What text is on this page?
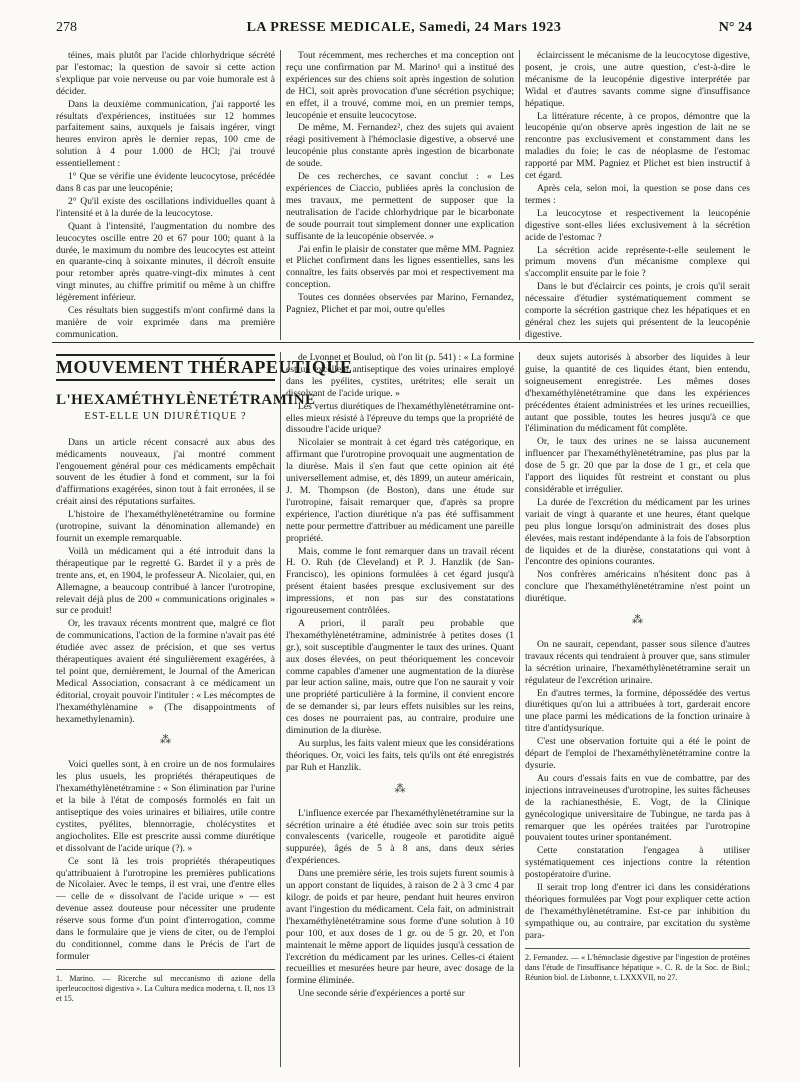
278	LA PRESSE MEDICALE, Samedi, 24 Mars 1923	N° 24

téines, mais plutôt par l'acide chlorhydrique sécrété par l'estomac; la question de savoir si cette action s'explique par voie nerveuse ou par voie humorale est à décider.

Dans la deuxième communication, j'ai rapporté les résultats d'expériences, instituées sur 12 hommes parfaitement sains, auxquels je faisais ingérer, vingt heures environ après le dernier repas, 100 cme de solution à 4 pour 1.000 de HCl; j'ai trouvé essentiellement :

1° Que se vérifie une évidente leucocytose, précédée dans 8 cas par une leucopénie;

2° Qu'il existe des oscillations individuelles quant à l'intensité et à la durée de la leucocytose.

Quant à l'intensité, l'augmentation du nombre des leucocytes oscille entre 20 et 67 pour 100; quant à la durée, le maximum du nombre des leucocytes est atteint en quarante-cinq à soixante minutes, il décroît ensuite pour retomber après quatre-vingt-dix minutes à cent vingt minutes, au chiffre primitif ou même à un chiffre légèrement inférieur.

Ces résultats bien suggestifs m'ont confirmé dans la manière de voir exprimée dans ma première communication.

Tout récemment, mes recherches et ma conception ont reçu une confirmation par M. Marino¹ qui a institué des expériences sur des chiens soit après ingestion de solution de HCl, soit après provocation d'une sécrétion psychique; en effet, il a trouvé, comme moi, en un premier temps, leucopénie et ensuite leucocytose.

De même, M. Fernandez², chez des sujets qui avaient réagi positivement à l'hémoclasie digestive, a observé une leucopénie plus constante après ingestion de bicarbonate de soude.

De ces recherches, ce savant conclut : « Les expériences de Ciaccio, publiées après la conclusion de mes travaux, me permettent de supposer que la neutralisation de l'acide chlorhydrique par le bicarbonate de soude pourrait tout simplement donner une explication suffisante de la leucopénie observée. »

J'ai enfin le plaisir de constater que même MM. Pagniez et Plichet confirment dans les lignes essentielles, sans les connaître, les faits observés par moi et respectivement ma conception.

Toutes ces données observées par Marino, Fernandez, Pagniez, Plichet et par moi, outre qu'elles

éclaircissent le mécanisme de la leucocytose digestive, posent, je crois, une autre question, c'est-à-dire le mécanisme de la leucopénie digestive interprétée par Widal et d'autres savants comme signe d'insuffisance hépatique.

La littérature récente, à ce propos, démontre que la leucopénie qu'on observe après ingestion de lait ne se rencontre pas exclusivement et constamment dans les maladies du foie; le cas de néoplasme de l'estomac rapporté par MM. Pagniez et Plichet est bien instructif à cet égard.

Après cela, selon moi, la question se pose dans ces termes :

La leucocytose et respectivement la leucopénie digestive sont-elles liées exclusivement à la sécrétion acide de l'estomac ?

La sécrétion acide représente-t-elle seulement le primum movens d'un mécanisme complexe qui s'accomplit ensuite par le foie ?

Dans le but d'éclaircir ces points, je crois qu'il serait nécessaire d'étudier systématiquement comment se comporte la sécrétion gastrique chez les hépatiques et en général chez les sujets qui présentent de la leucopénie digestive.

MOUVEMENT THÉRAPEUTIQUE
L'HEXAMÉTHYLÈNETÉTRAMINE
EST-ELLE UN DIURÉTIQUE ?

Dans un article récent consacré aux abus des médicaments nouveaux, j'ai montré comment l'engouement général pour ces médicaments empêchait souvent de les étudier à fond et comment, sur la foi d'affirmations exagérées, sinon tout à fait erronées, il se créait ainsi des réputations surfaites.

L'histoire de l'hexaméthylènetétramine ou formine (urotropine, suivant la dénomination allemande) en fournit un exemple remarquable.

Voilà un médicament qui a été introduit dans la thérapeutique par le regretté G. Bardet il y a près de trente ans, et, en 1904, le professeur A. Nicolaier, qui, en Allemagne, a beaucoup contribué à lancer l'urotropine, relevait déjà plus de 200 « communications originales » sur ce produit!

Or, les travaux récents montrent que, malgré ce flot de communications, l'action de la formine n'avait pas été étudiée avec assez de précision, et que ses vertus thérapeutiques avaient été singulièrement exagérées, à tel point que, dernièrement, le Journal of the American Medical Association, consacrant à ce médicament un éditorial, croyait pouvoir l'intituler : « Les mécomptes de l'hexaméthylènamine » (The disappointments of hexamethylenamin).

⁂

Voici quelles sont, à en croire un de nos formulaires les plus usuels, les propriétés thérapeutiques de l'hexaméthylènetétramine : « Son élimination par l'urine et la bile à l'état de composés formolés en fait un antiseptique des voies urinaires et biliaires, utile contre cystites, pyélites, blennorragie, cholécystites et angiocholites. Elle est prescrite aussi comme diurétique et dissolvant de l'acide urique (?). »

Ce sont là les trois propriétés thérapeutiques qu'attribuaient à l'urotropine les premières publications de Nicolaier. Avec le temps, il est vrai, une d'entre elles — celle de « dissolvant de l'acide urique » — est devenue assez douteuse pour nécessiter une prudente réserve sous forme d'un point d'interrogation, comme dans le formulaire que je viens de citer, ou de l'emploi du conditionnel, comme dans le Précis de l'art de formuler

1. Marino. — Ricerche sul meccanismo di azione della iperleucocitosi digestiva ». La Cultura medica moderna, t. II, nos 13 et 15.

de Lyonnet et Boulud, où l'on lit (p. 541) : « La formine est un excellent antiseptique des voies urinaires employé dans les pyélites, cystites, urétrites; elle serait un dissolvant de l'acide urique. »

Les vertus diurétiques de l'hexaméthylènetétramine ont-elles mieux résisté à l'épreuve du temps que la propriété de dissoudre l'acide urique?

Nicolaier se montrait à cet égard très catégorique, en affirmant que l'urotropine provoquait une augmentation de la diurèse. Mais il s'en faut que cette opinion ait été universellement admise, et, dès 1899, un auteur américain, J. M. Thompson (de Boston), dans une étude sur l'urotropine, faisait remarquer que, d'après sa propre expérience, l'action diurétique n'a pas été suffisamment nette pour permettre d'attribuer au médicament une pareille propriété.

Mais, comme le font remarquer dans un travail récent H. O. Ruh (de Cleveland) et P. J. Hanzlik (de San-Francisco), les opinions formulées à cet égard jusqu'à présent étaient basées presque exclusivement sur des impressions, et non pas sur des constatations rigoureusement contrôlées.

A priori, il paraît peu probable que l'hexaméthylènetétramine, administrée à petites doses (1 gr.), soit susceptible d'augmenter le taux des urines. Quant aux doses élevées, on peut théoriquement les concevoir comme capables d'amener une augmentation de la diurèse par leur action saline, mais, outre que l'on ne saurait y voir une propriété particulière à la formine, il convient encore de se demander si, par leurs effets nuisibles sur les reins, ces doses ne pourraient pas, au contraire, produire une diminution de la diurèse.

Au surplus, les faits valent mieux que les considérations théoriques. Or, voici les faits, tels qu'ils ont été enregistrés par Ruh et Hanzlik.

⁂

L'influence exercée par l'hexaméthylènetétramine sur la sécrétion urinaire a été étudiée avec soin sur trois petits convalescents (varicelle, rougeole et parotidite aiguë suppurée), âgés de 5 à 8 ans, dans deux séries d'expériences.

Dans une première série, les trois sujets furent soumis à un apport constant de liquides, à raison de 2 à 3 cmc 4 par kilogr. de poids et par heure, pendant huit heures environ avant l'ingestion du médicament. Cela fait, on administrait l'hexaméthylènetétramine sous forme d'une solution à 10 pour 100, et aux doses de 1 gr. ou de 5 gr. 20, et l'on maintenait le même apport de liquides jusqu'à cessation de l'excrétion du médicament par les urines. Celles-ci étaient recueillies et mesurées heure par heure, avec dosage de la formine éliminée.

Une seconde série d'expériences a porté sur

deux sujets autorisés à absorber des liquides à leur guise, la quantité de ces liquides étant, bien entendu, soigneusement enregistrée. Les mêmes doses d'hexaméthylènetétramine que dans les expériences précédentes étaient administrées et les urines recueillies, autant que possible, toutes les heures jusqu'à ce que l'élimination du médicament fût complète.

Or, le taux des urines ne se laissa aucunement influencer par l'hexaméthylènetétramine, pas plus par la dose de 5 gr. 20 que par la dose de 1 gr., et cela que l'apport des liquides fût restreint et constant ou plus considérable et irrégulier.

La durée de l'excrétion du médicament par les urines variait de vingt à quarante et une heures, étant quelque peu plus longue lorsqu'on administrait des doses plus élevées, mais restant indépendante à la fois de l'absorption de liquides et de la diurèse, constatations qui vont à l'encontre des opinions courantes.

Nos confrères américains n'hésitent donc pas à conclure que l'hexaméthylènetétramine n'est point un diurétique.

⁂

On ne saurait, cependant, passer sous silence d'autres travaux récents qui tendraient à prouver que, sans stimuler la sécrétion urinaire, l'hexaméthylènetétramine serait un régulateur de l'excrétion urinaire.

En d'autres termes, la formine, dépossédée des vertus diurétiques qu'on lui a attribuées à tort, garderait encore une place parmi les médications de la fonction urinaire à titre d'antidysurique.

C'est une observation fortuite qui a été le point de départ de l'emploi de l'hexaméthylènetétramine contre la dysurie.

Au cours d'essais faits en vue de combattre, par des injections intraveineuses d'urotropine, les suites fâcheuses de la rachianesthésie, E. Vogt, de la Clinique gynécologique universitaire de Tubingue, ne tarda pas à remarquer que les opérées traitées par l'urotropine pouvaient toutes uriner spontanément.

Cette constatation l'engagea à utiliser systématiquement ces injections contre la rétention postopératoire d'urine.

Il serait trop long d'entrer ici dans les considérations théoriques formulées par Vogt pour expliquer cette action de l'hexaméthylènetétramine. Est-ce par inhibition du sympathique ou, au contraire, par excitation du système para-

2. Fernandez. — « L'hémoclasie digestive par l'ingestion de protéines dans l'étude de l'insuffisance hépatique ». C. R. de la Soc. de Biol.; Réunion biol. de Lisbonne, t. LXXXVII, no 27.
